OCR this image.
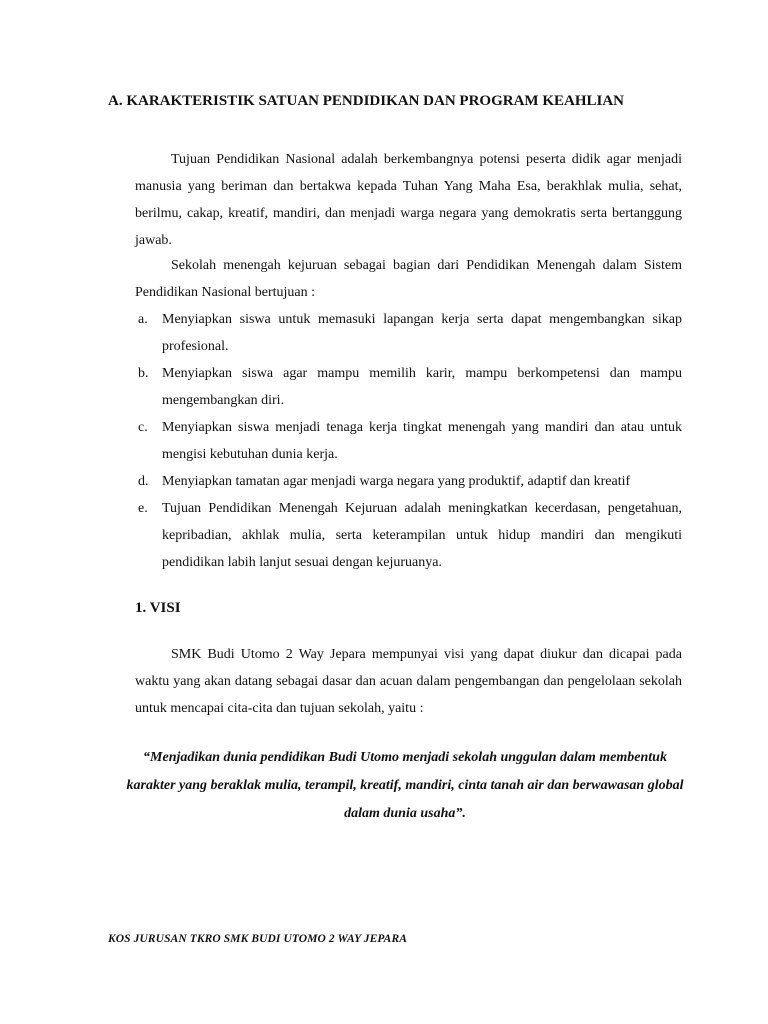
A. KARAKTERISTIK SATUAN PENDIDIKAN DAN PROGRAM KEAHLIAN
Tujuan Pendidikan Nasional adalah berkembangnya potensi peserta didik agar menjadi manusia yang beriman dan bertakwa kepada Tuhan Yang Maha Esa, berakhlak mulia, sehat, berilmu, cakap, kreatif, mandiri, dan menjadi warga negara yang demokratis serta bertanggung jawab.
Sekolah menengah kejuruan sebagai bagian dari Pendidikan Menengah dalam Sistem Pendidikan Nasional bertujuan :
a. Menyiapkan siswa untuk memasuki lapangan kerja serta dapat mengembangkan sikap profesional.
b. Menyiapkan siswa agar mampu memilih karir, mampu berkompetensi dan mampu mengembangkan diri.
c. Menyiapkan siswa menjadi tenaga kerja tingkat menengah yang mandiri dan atau untuk mengisi kebutuhan dunia kerja.
d. Menyiapkan tamatan agar menjadi warga negara yang produktif, adaptif dan kreatif
e. Tujuan Pendidikan Menengah Kejuruan adalah meningkatkan kecerdasan, pengetahuan, kepribadian, akhlak mulia, serta keterampilan untuk hidup mandiri dan mengikuti pendidikan labih lanjut sesuai dengan kejuruanya.
1. VISI
SMK Budi Utomo 2 Way Jepara mempunyai visi yang dapat diukur dan dicapai pada waktu yang akan datang sebagai dasar dan acuan dalam pengembangan dan pengelolaan sekolah untuk mencapai cita-cita dan tujuan sekolah, yaitu :
“Menjadikan dunia pendidikan Budi Utomo menjadi sekolah unggulan dalam membentuk karakter yang beraklak mulia, terampil, kreatif, mandiri, cinta tanah air dan berwawasan global dalam dunia usaha”.
KOS JURUSAN TKRO SMK BUDI UTOMO 2 WAY JEPARA
